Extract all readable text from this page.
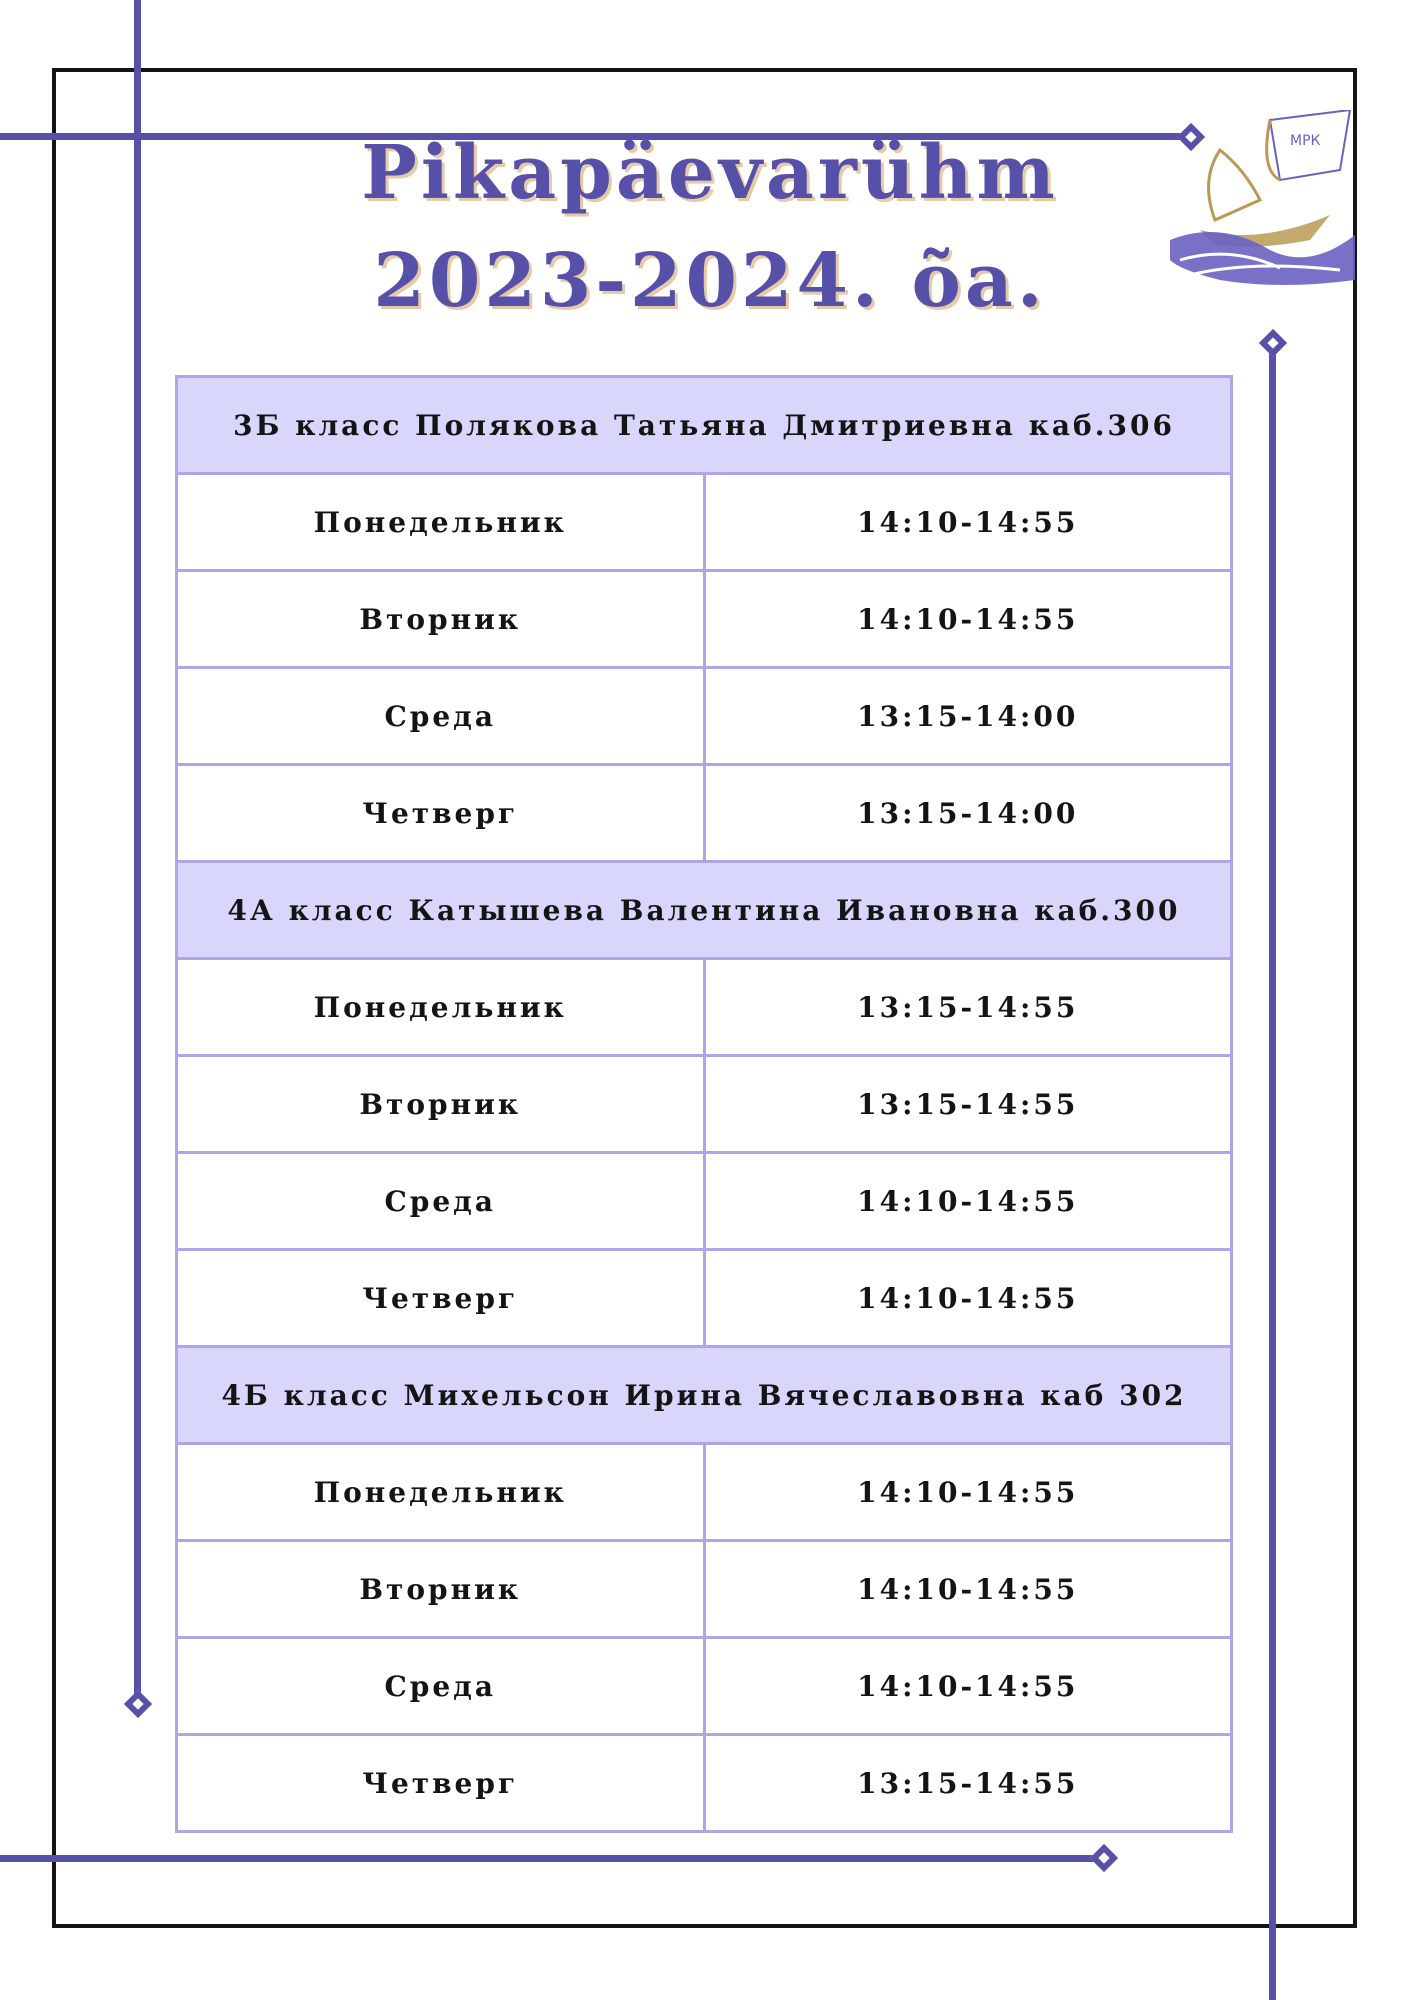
МРК
Pikapäevarühm
2023-2024. õa.
3Б класс Полякова Татьяна Дмитриевна каб.306	
Понедельник	14:10-14:55
Вторник	14:10-14:55
Среда	13:15-14:00
Четверг	13:15-14:00
4А класс Катышева Валентина Ивановна каб.300	
Понедельник	13:15-14:55
Вторник	13:15-14:55
Среда	14:10-14:55
Четверг	14:10-14:55
4Б класс Михельсон Ирина Вячеславовна каб 302	
Понедельник	14:10-14:55
Вторник	14:10-14:55
Среда	14:10-14:55
Четверг	13:15-14:55
